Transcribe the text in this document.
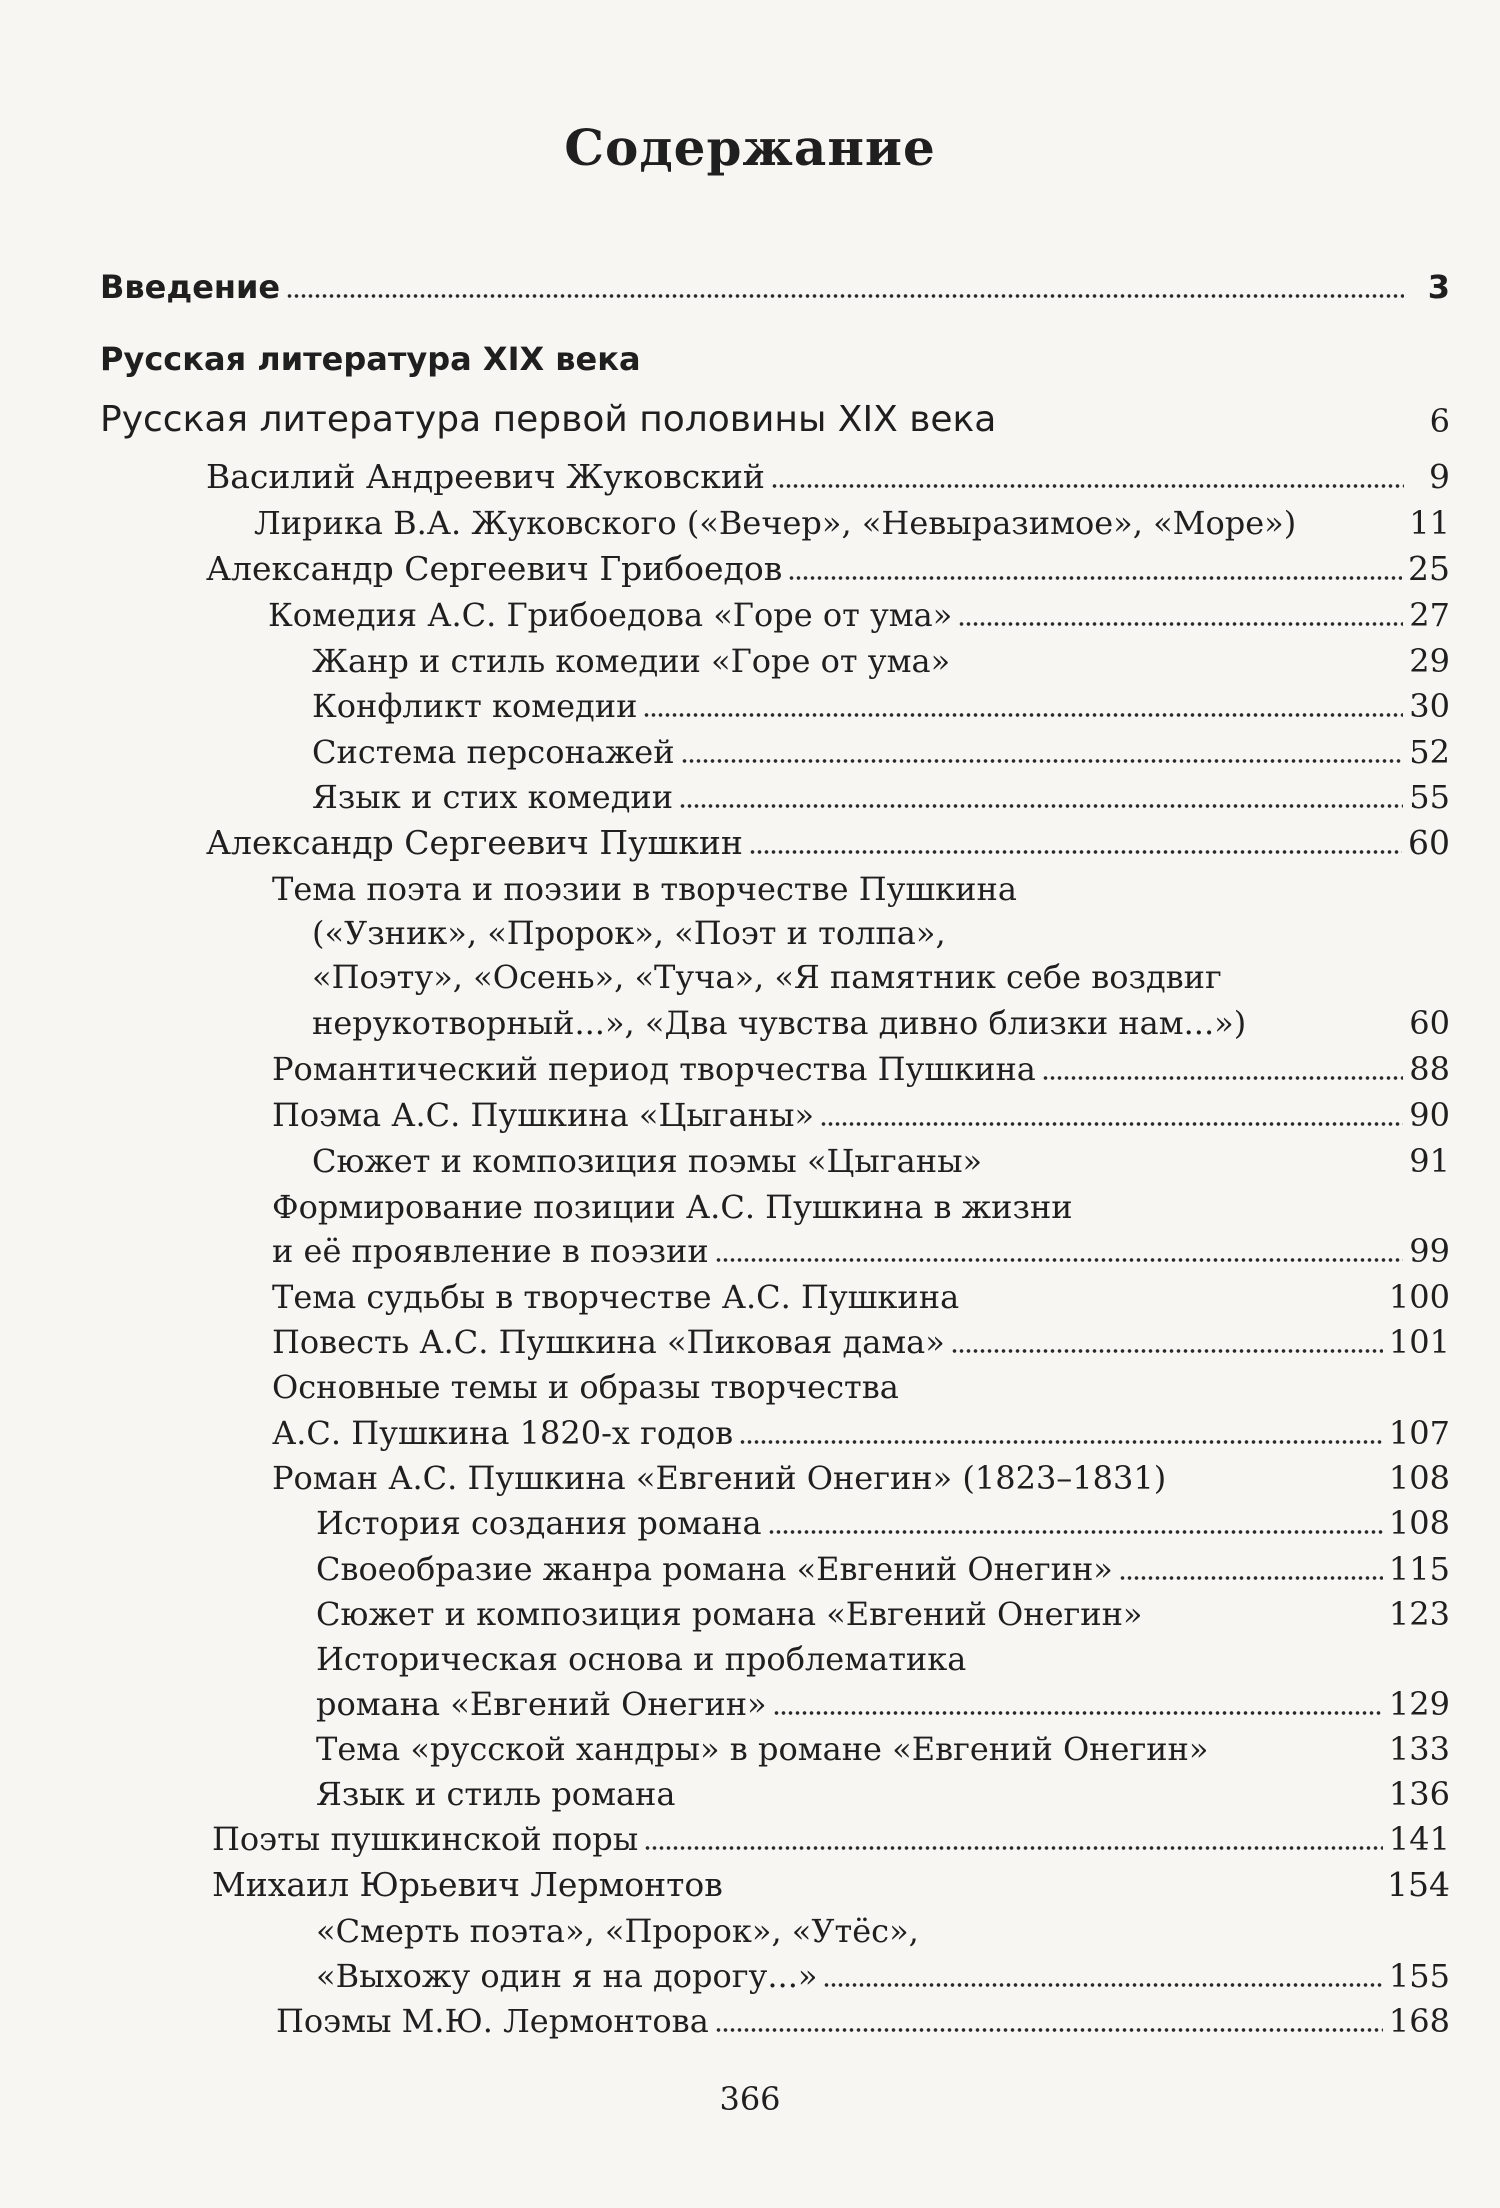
Содержание
Введение	3
Русская литература XIX века
Русская литература первой половины XIX века	6
Василий Андреевич Жуковский	9
Лирика В.А. Жуковского («Вечер», «Невыразимое», «Море»)	11
Александр Сергеевич Грибоедов	25
Комедия А.С. Грибоедова «Горе от ума»	27
Жанр и стиль комедии «Горе от ума»	29
Конфликт комедии	30
Система персонажей	52
Язык и стих комедии	55
Александр Сергеевич Пушкин	60
Тема поэта и поэзии в творчестве Пушкина
(«Узник», «Пророк», «Поэт и толпа»,
«Поэту», «Осень», «Туча», «Я памятник себе воздвиг
нерукотворный...», «Два чувства дивно близки нам...»)	60
Романтический период творчества Пушкина	88
Поэма А.С. Пушкина «Цыганы»	90
Сюжет и композиция поэмы «Цыганы»	91
Формирование позиции А.С. Пушкина в жизни
и её проявление в поэзии	99
Тема судьбы в творчестве А.С. Пушкина	100
Повесть А.С. Пушкина «Пиковая дама»	101
Основные темы и образы творчества
А.С. Пушкина 1820-х годов	107
Роман А.С. Пушкина «Евгений Онегин» (1823–1831)	108
История создания романа	108
Своеобразие жанра романа «Евгений Онегин»	115
Сюжет и композиция романа «Евгений Онегин»	123
Историческая основа и проблематика
романа «Евгений Онегин»	129
Тема «русской хандры» в романе «Евгений Онегин»	133
Язык и стиль романа	136
Поэты пушкинской поры	141
Михаил Юрьевич Лермонтов	154
«Смерть поэта», «Пророк», «Утёс»,
«Выхожу один я на дорогу...»	155
Поэмы М.Ю. Лермонтова	168
366
